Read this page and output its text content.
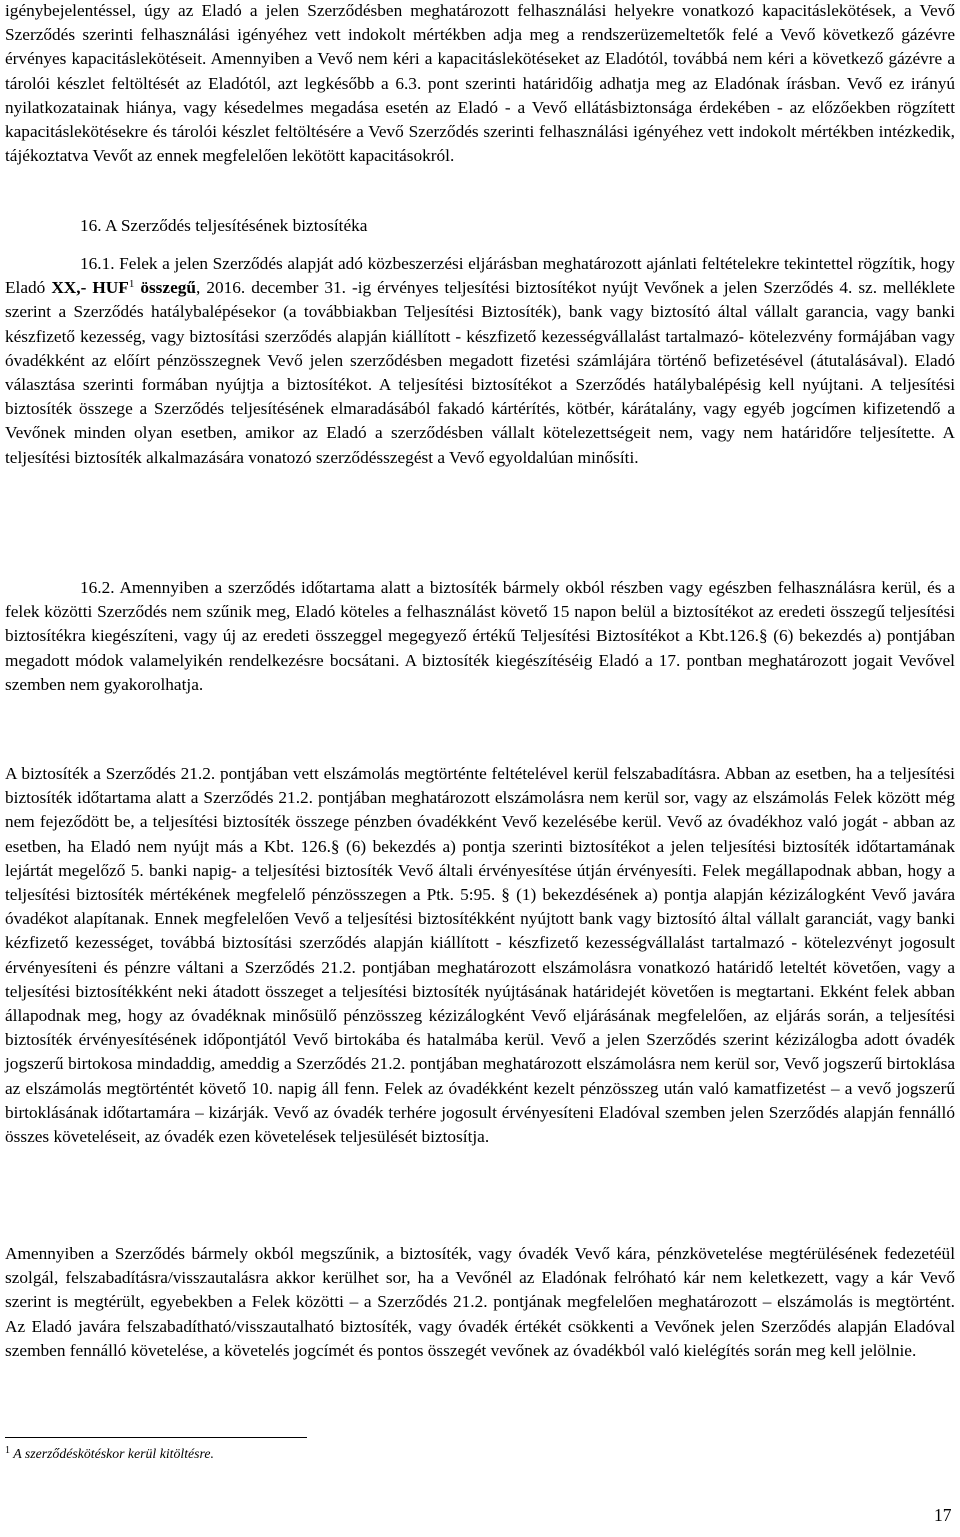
igénybejelentéssel, úgy az Eladó a jelen Szerződésben meghatározott felhasználási helyekre vonatkozó kapacitáslekötések, a Vevő Szerződés szerinti felhasználási igényéhez vett indokolt mértékben adja meg a rendszerüzemeltetők felé a Vevő következő gázévre érvényes kapacitáslekötéseit. Amennyiben a Vevő nem kéri a kapacitáslekötéseket az Eladótól, továbbá nem kéri a következő gázévre a tárolói készlet feltöltését az Eladótól, azt legkésőbb a 6.3. pont szerinti határidőig adhatja meg az Eladónak írásban. Vevő ez irányú nyilatkozatainak hiánya, vagy késedelmes megadása esetén az Eladó - a Vevő ellátásbiztonsága érdekében - az előzőekben rögzített kapacitáslekötésekre és tárolói készlet feltöltésére a Vevő Szerződés szerinti felhasználási igényéhez vett indokolt mértékben intézkedik, tájékoztatva Vevőt az ennek megfelelően lekötött kapacitásokról.

16. A Szerződés teljesítésének biztosítéka

16.1. Felek a jelen Szerződés alapját adó közbeszerzési eljárásban meghatározott ajánlati feltételekre tekintettel rögzítik, hogy Eladó XX,- HUF$^1$ összegű, 2016. december 31. -ig érvényes teljesítési biztosítékot nyújt Vevőnek a jelen Szerződés 4. sz. melléklete szerint a Szerződés hatálybalépésekor (a továbbiakban Teljesítési Biztosíték), bank vagy biztosító által vállalt garancia, vagy banki készfizető kezesség, vagy biztosítási szerződés alapján kiállított - készfizető kezességvállalást tartalmazó- kötelezvény formájában vagy óvadékként az előírt pénzösszegnek Vevő jelen szerződésben megadott fizetési számlájára történő befizetésével (átutalásával). Eladó választása szerinti formában nyújtja a biztosítékot. A teljesítési biztosítékot a Szerződés hatálybalépésig kell nyújtani. A teljesítési biztosíték összege a Szerződés teljesítésének elmaradásából fakadó kártérítés, kötbér, kárátalány, vagy egyéb jogcímen kifizetendő a Vevőnek minden olyan esetben, amikor az Eladó a szerződésben vállalt kötelezettségeit nem, vagy nem határidőre teljesítette. A teljesítési biztosíték alkalmazására vonatozó szerződésszegést a Vevő egyoldalúan minősíti.

16.2. Amennyiben a szerződés időtartama alatt a biztosíték bármely okból részben vagy egészben felhasználásra kerül, és a felek közötti Szerződés nem szűnik meg, Eladó köteles a felhasználást követő 15 napon belül a biztosítékot az eredeti összegű teljesítési biztosítékra kiegészíteni, vagy új az eredeti összeggel megegyező értékű Teljesítési Biztosítékot a Kbt.126.§ (6) bekezdés a) pontjában megadott módok valamelyikén rendelkezésre bocsátani. A biztosíték kiegészítéséig Eladó a 17. pontban meghatározott jogait Vevővel szemben nem gyakorolhatja.

A biztosíték a Szerződés 21.2. pontjában vett elszámolás megtörténte feltételével kerül felszabadításra. Abban az esetben, ha a teljesítési biztosíték időtartama alatt a Szerződés 21.2. pontjában meghatározott elszámolásra nem kerül sor, vagy az elszámolás Felek között még nem fejeződött be, a teljesítési biztosíték összege pénzben óvadékként Vevő kezelésébe kerül. Vevő az óvadékhoz való jogát - abban az esetben, ha Eladó nem nyújt más a Kbt. 126.§ (6) bekezdés a) pontja szerinti biztosítékot a jelen teljesítési biztosíték időtartamának lejártát megelőző 5. banki napig- a teljesítési biztosíték Vevő általi érvényesítése útján érvényesíti. Felek megállapodnak abban, hogy a teljesítési biztosíték mértékének megfelelő pénzösszegen a Ptk. 5:95. § (1) bekezdésének a) pontja alapján kézizálogként Vevő javára óvadékot alapítanak. Ennek megfelelően Vevő a teljesítési biztosítékként nyújtott bank vagy biztosító által vállalt garanciát, vagy banki kézfizető kezességet, továbbá biztosítási szerződés alapján kiállított - készfizető kezességvállalást tartalmazó - kötelezvényt jogosult érvényesíteni és pénzre váltani a Szerződés 21.2. pontjában meghatározott elszámolásra vonatkozó határidő leteltét követően, vagy a teljesítési biztosítékként neki átadott összeget a teljesítési biztosíték nyújtásának határidejét követően is megtartani. Ekként felek abban állapodnak meg, hogy az óvadéknak minősülő pénzösszeg kézizálogként Vevő eljárásának megfelelően, az eljárás során, a teljesítési biztosíték érvényesítésének időpontjától Vevő birtokába és hatalmába kerül. Vevő a jelen Szerződés szerint kézizálogba adott óvadék jogszerű birtokosa mindaddig, ameddig a Szerződés 21.2. pontjában meghatározott elszámolásra nem kerül sor, Vevő jogszerű birtoklása az elszámolás megtörténtét követő 10. napig áll fenn. Felek az óvadékként kezelt pénzösszeg után való kamatfizetést – a vevő jogszerű birtoklásának időtartamára – kizárják. Vevő az óvadék terhére jogosult érvényesíteni Eladóval szemben jelen Szerződés alapján fennálló összes követeléseit, az óvadék ezen követelések teljesülését biztosítja.

Amennyiben a Szerződés bármely okból megszűnik, a biztosíték, vagy óvadék Vevő kára, pénzkövetelése megtérülésének fedezetéül szolgál, felszabadításra/visszautalásra akkor kerülhet sor, ha a Vevőnél az Eladónak felróható kár nem keletkezett, vagy a kár Vevő szerint is megtérült, egyebekben a Felek közötti – a Szerződés 21.2. pontjának megfelelően meghatározott – elszámolás is megtörtént. Az Eladó javára felszabadítható/visszautalható biztosíték, vagy óvadék értékét csökkenti a Vevőnek jelen Szerződés alapján Eladóval szemben fennálló követelése, a követelés jogcímét és pontos összegét vevőnek az óvadékból való kielégítés során meg kell jelölnie.

$^1$ A szerződéskötéskor kerül kitöltésre.
17
